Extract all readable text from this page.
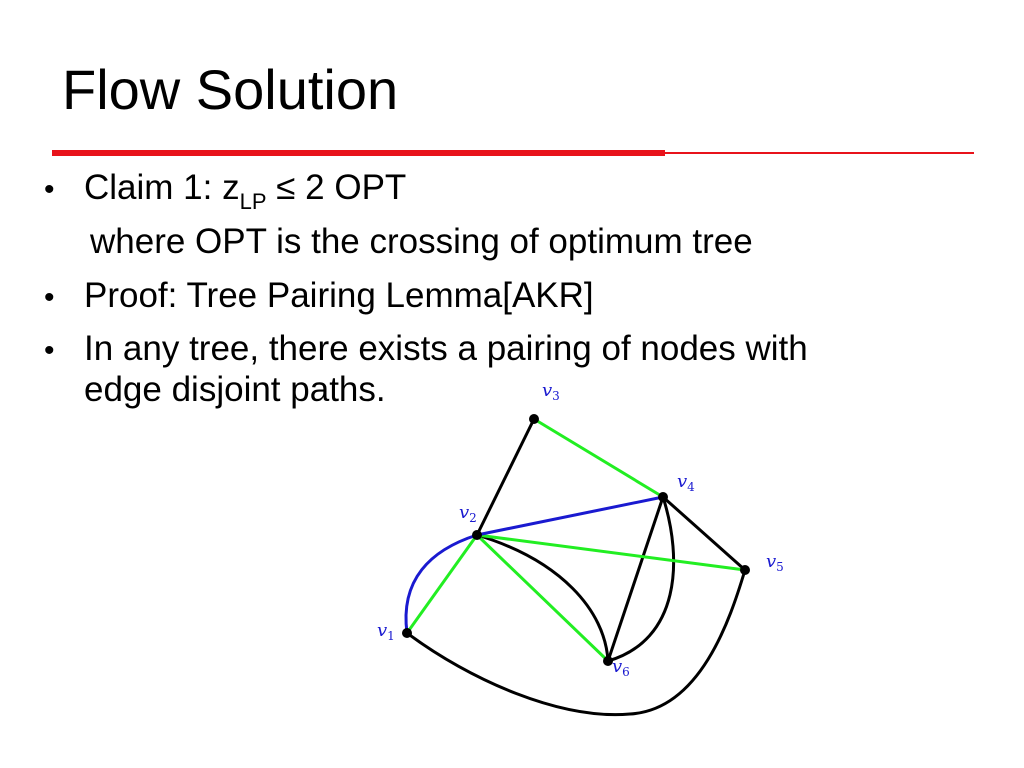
Flow Solution
• Claim 1: $z_{LP} \le 2$ OPT
where OPT is the crossing of optimum tree
• Proof: Tree Pairing Lemma[AKR]
• In any tree, there exists a pairing of nodes with
edge disjoint paths.
$v_1$
$v_2$
$v_3$
$v_4$
$v_5$
$v_6$
